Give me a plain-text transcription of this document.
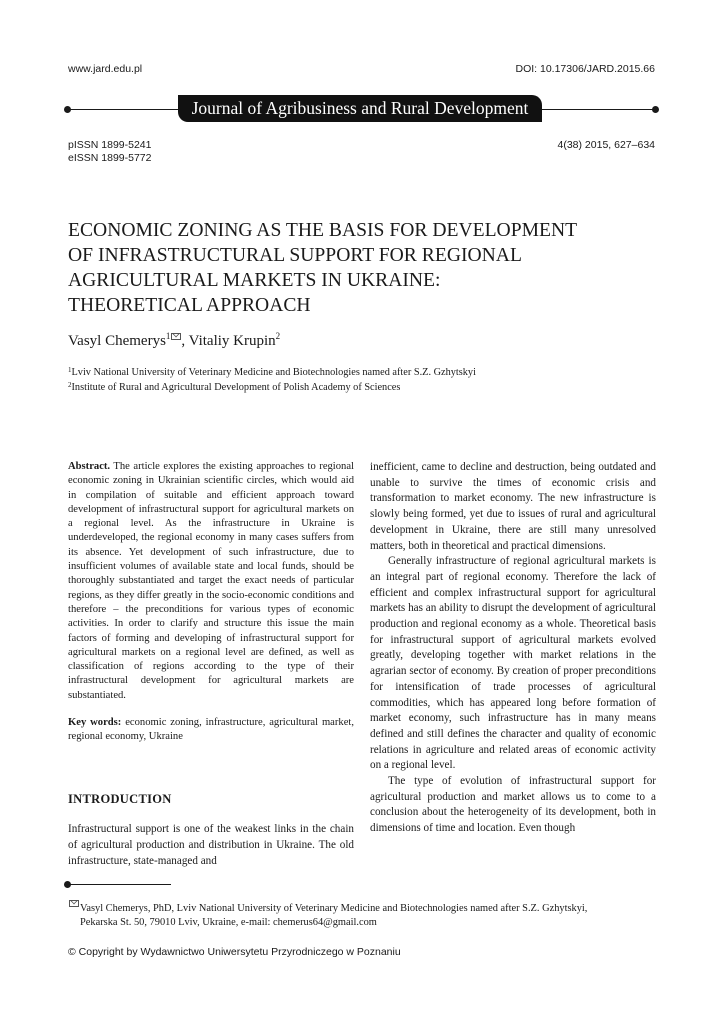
www.jard.edu.pl	DOI: 10.17306/JARD.2015.66
Journal of Agribusiness and Rural Development
pISSN 1899-5241
eISSN 1899-5772
4(38) 2015, 627–634
ECONOMIC ZONING AS THE BASIS FOR DEVELOPMENT
OF INFRASTRUCTURAL SUPPORT FOR REGIONAL
AGRICULTURAL MARKETS IN UKRAINE:
THEORETICAL APPROACH
Vasyl Chemerys$^1$ , Vitaliy Krupin$^2$
$^1$Lviv National University of Veterinary Medicine and Biotechnologies named after S.Z. Gzhytskyi
$^2$Institute of Rural and Agricultural Development of Polish Academy of Sciences

Abstract. The article explores the existing approaches to regional economic zoning in Ukrainian scientific circles, which would aid in compilation of suitable and efficient approach toward development of infrastructural support for agricultural markets on a regional level. As the infrastructure in Ukraine is underdeveloped, the regional economy in many cases suffers from its absence. Yet development of such infrastructure, due to insufficient volumes of available state and local funds, should be thoroughly substantiated and target the exact needs of particular regions, as they differ greatly in the socio-economic conditions and therefore – the preconditions for various types of economic activities. In order to clarify and structure this issue the main factors of forming and developing of infrastructural support for agricultural markets on a regional level are defined, as well as classification of regions according to the type of their infrastructural development for agricultural markets are substantiated.

Key words: economic zoning, infrastructure, agricultural market, regional economy, Ukraine

INTRODUCTION

Infrastructural support is one of the weakest links in the chain of agricultural production and distribution in Ukraine. The old infrastructure, state-managed and

inefficient, came to decline and destruction, being outdated and unable to survive the times of economic crisis and transformation to market economy. The new infrastructure is slowly being formed, yet due to issues of rural and agricultural development in Ukraine, there are still many unresolved matters, both in theoretical and practical dimensions.

Generally infrastructure of regional agricultural markets is an integral part of regional economy. Therefore the lack of efficient and complex infrastructural support for agricultural markets has an ability to disrupt the development of agricultural production and regional economy as a whole. Theoretical basis for infrastructural support of agricultural markets evolved greatly, developing together with market relations in the agrarian sector of economy. By creation of proper preconditions for intensification of trade processes of agricultural commodities, which has appeared long before formation of market economy, such infrastructure has in many means defined and still defines the character and quality of economic relations in agriculture and related areas of economic activity on a regional level.

The type of evolution of infrastructural support for agricultural production and market allows us to come to a conclusion about the heterogeneity of its development, both in dimensions of time and location. Even though

Vasyl Chemerys, PhD, Lviv National University of Veterinary Medicine and Biotechnologies named after S.Z. Gzhytskyi,
Pekarska St. 50, 79010 Lviv, Ukraine, e-mail: chemerus64@gmail.com
© Copyright by Wydawnictwo Uniwersytetu Przyrodniczego w Poznaniu
